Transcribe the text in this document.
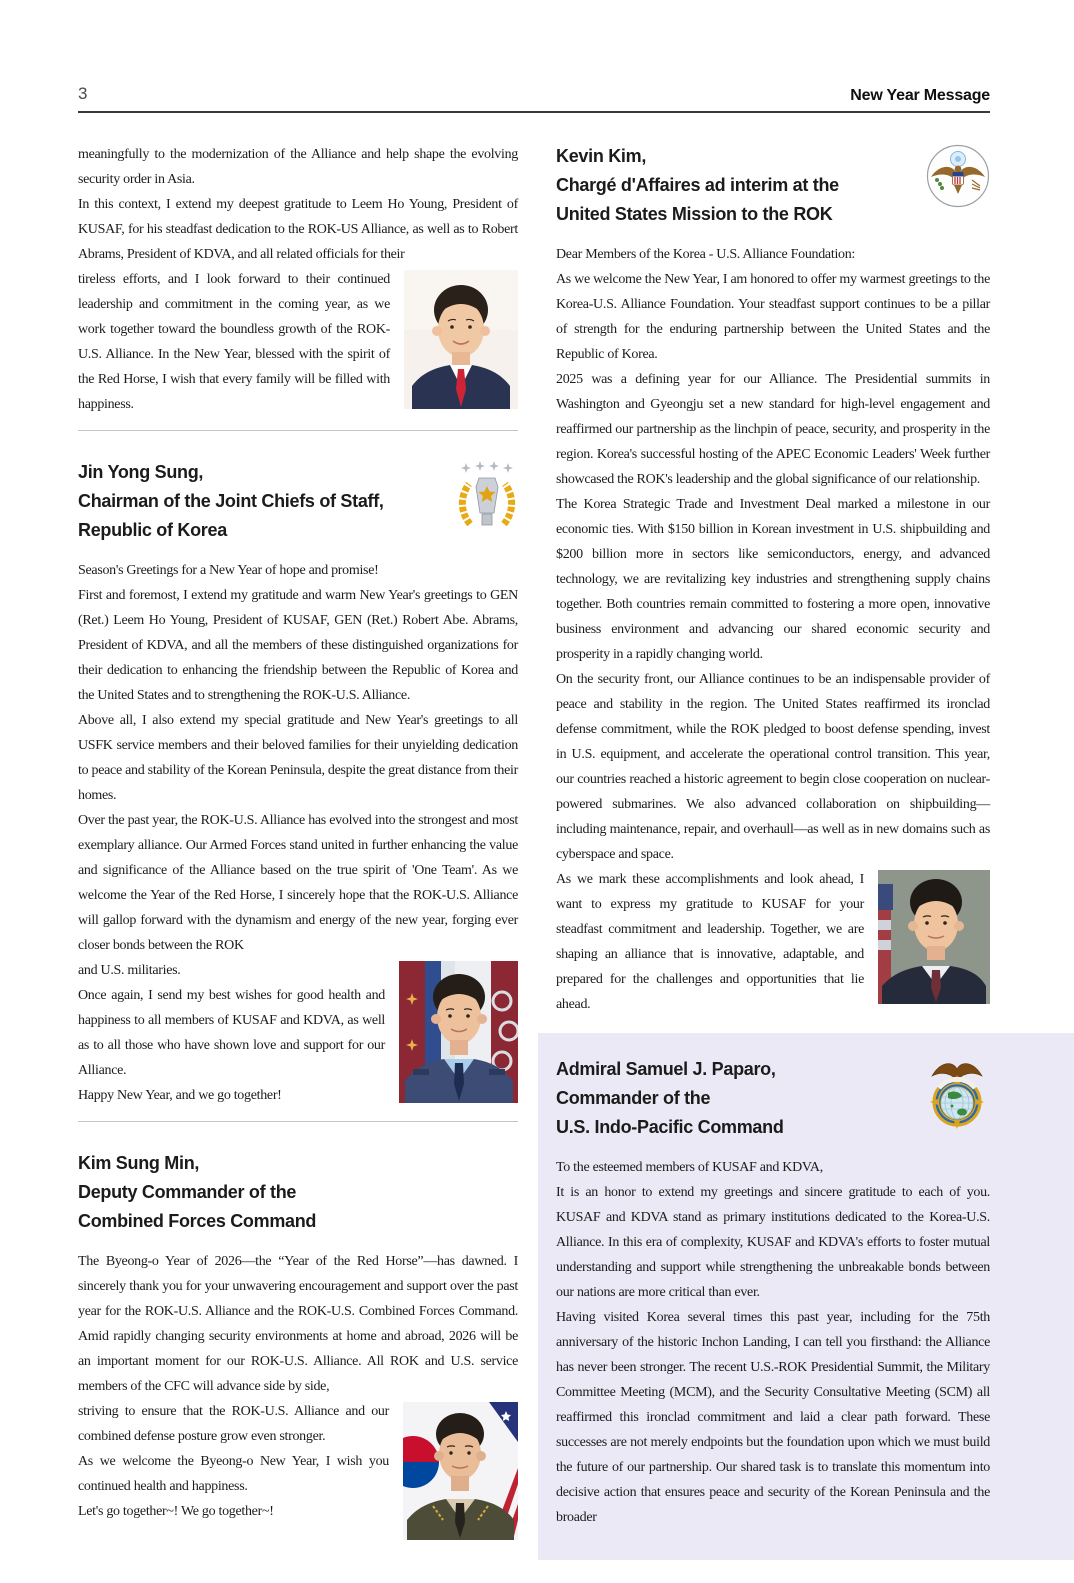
3	New Year Message

meaningfully to the modernization of the Alliance and help shape the evolving security order in Asia.

In this context, I extend my deepest gratitude to Leem Ho Young, President of KUSAF, for his steadfast dedication to the ROK-US Alliance, as well as to Robert Abrams, President of KDVA, and all related officials for their

tireless efforts, and I look forward to their continued leadership and commitment in the coming year, as we work together toward the boundless growth of the ROK-U.S. Alliance. In the New Year, blessed with the spirit of the Red Horse, I wish that every family will be filled with happiness.

Jin Yong Sung,
Chairman of the Joint Chiefs of Staff,
Republic of Korea

Season's Greetings for a New Year of hope and promise!

First and foremost, I extend my gratitude and warm New Year's greetings to GEN (Ret.) Leem Ho Young, President of KUSAF, GEN (Ret.) Robert Abe. Abrams, President of KDVA, and all the members of these distinguished organizations for their dedication to enhancing the friendship between the Republic of Korea and the United States and to strengthening the ROK-U.S. Alliance.

Above all, I also extend my special gratitude and New Year's greetings to all USFK service members and their beloved families for their unyielding dedication to peace and stability of the Korean Peninsula, despite the great distance from their homes.

Over the past year, the ROK-U.S. Alliance has evolved into the strongest and most exemplary alliance. Our Armed Forces stand united in further enhancing the value and significance of the Alliance based on the true spirit of 'One Team'. As we welcome the Year of the Red Horse, I sincerely hope that the ROK-U.S. Alliance will gallop forward with the dynamism and energy of the new year, forging ever closer bonds between the ROK

and U.S. militaries.

Once again, I send my best wishes for good health and happiness to all members of KUSAF and KDVA, as well as to all those who have shown love and support for our Alliance.

Happy New Year, and we go together!

Kim Sung Min,
Deputy Commander of the
Combined Forces Command

The Byeong-o Year of 2026—the “Year of the Red Horse”—has dawned. I sincerely thank you for your unwavering encouragement and support over the past year for the ROK-U.S. Alliance and the ROK-U.S. Combined Forces Command. Amid rapidly changing security environments at home and abroad, 2026 will be an important moment for our ROK-U.S. Alliance. All ROK and U.S. service members of the CFC will advance side by side,

striving to ensure that the ROK-U.S. Alliance and our combined defense posture grow even stronger.

As we welcome the Byeong-o New Year, I wish you continued health and happiness.

Let's go together~! We go together~!

Kevin Kim,
Chargé d'Affaires ad interim at the
United States Mission to the ROK

Dear Members of the Korea - U.S. Alliance Foundation:

As we welcome the New Year, I am honored to offer my warmest greetings to the Korea-U.S. Alliance Foundation. Your steadfast support continues to be a pillar of strength for the enduring partnership between the United States and the Republic of Korea.

2025 was a defining year for our Alliance. The Presidential summits in Washington and Gyeongju set a new standard for high-level engagement and reaffirmed our partnership as the linchpin of peace, security, and prosperity in the region. Korea's successful hosting of the APEC Economic Leaders' Week further showcased the ROK's leadership and the global significance of our relationship.

The Korea Strategic Trade and Investment Deal marked a milestone in our economic ties. With $150 billion in Korean investment in U.S. shipbuilding and $200 billion more in sectors like semiconductors, energy, and advanced technology, we are revitalizing key industries and strengthening supply chains together. Both countries remain committed to fostering a more open, innovative business environment and advancing our shared economic security and prosperity in a rapidly changing world.

On the security front, our Alliance continues to be an indispensable provider of peace and stability in the region. The United States reaffirmed its ironclad defense commitment, while the ROK pledged to boost defense spending, invest in U.S. equipment, and accelerate the operational control transition. This year, our countries reached a historic agreement to begin close cooperation on nuclear-powered submarines. We also advanced collaboration on shipbuilding—including maintenance, repair, and overhaull—as well as in new domains such as cyberspace and space.

As we mark these accomplishments and look ahead, I want to express my gratitude to KUSAF for your steadfast commitment and leadership. Together, we are shaping an alliance that is innovative, adaptable, and prepared for the challenges and opportunities that lie ahead.

Admiral Samuel J. Paparo,
Commander of the
U.S. Indo-Pacific Command

To the esteemed members of KUSAF and KDVA,

It is an honor to extend my greetings and sincere gratitude to each of you. KUSAF and KDVA stand as primary institutions dedicated to the Korea-U.S. Alliance. In this era of complexity, KUSAF and KDVA's efforts to foster mutual understanding and support while strengthening the unbreakable bonds between our nations are more critical than ever.

Having visited Korea several times this past year, including for the 75th anniversary of the historic Inchon Landing, I can tell you firsthand: the Alliance has never been stronger. The recent U.S.-ROK Presidential Summit, the Military Committee Meeting (MCM), and the Security Consultative Meeting (SCM) all reaffirmed this ironclad commitment and laid a clear path forward. These successes are not merely endpoints but the foundation upon which we must build the future of our partnership. Our shared task is to translate this momentum into decisive action that ensures peace and security of the Korean Peninsula and the broader
